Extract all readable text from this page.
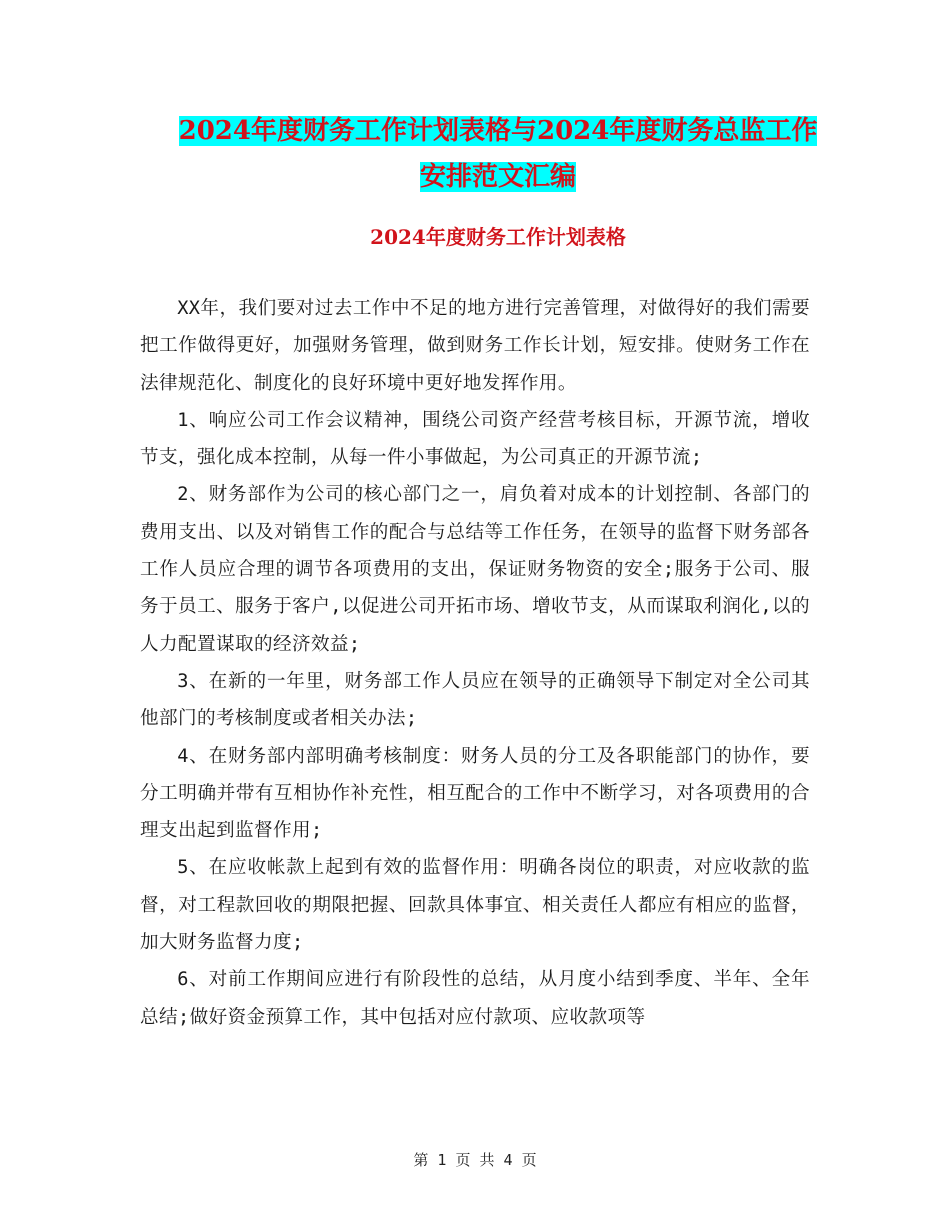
2024年度财务工作计划表格与2024年度财务总监工作
安排范文汇编
2024年度财务工作计划表格

XX年，我们要对过去工作中不足的地方进行完善管理，对做得好的我们需要把工作做得更好，加强财务管理，做到财务工作长计划，短安排。使财务工作在法律规范化、制度化的良好环境中更好地发挥作用。

1、响应公司工作会议精神，围绕公司资产经营考核目标，开源节流，增收节支，强化成本控制，从每一件小事做起，为公司真正的开源节流;

2、财务部作为公司的核心部门之一，肩负着对成本的计划控制、各部门的费用支出、以及对销售工作的配合与总结等工作任务，在领导的监督下财务部各工作人员应合理的调节各项费用的支出，保证财务物资的安全;服务于公司、服务于员工、服务于客户,以促进公司开拓市场、增收节支，从而谋取利润化,以的人力配置谋取的经济效益;

3、在新的一年里，财务部工作人员应在领导的正确领导下制定对全公司其他部门的考核制度或者相关办法;

4、在财务部内部明确考核制度：财务人员的分工及各职能部门的协作，要分工明确并带有互相协作补充性，相互配合的工作中不断学习，对各项费用的合理支出起到监督作用;

5、在应收帐款上起到有效的监督作用：明确各岗位的职责，对应收款的监督，对工程款回收的期限把握、回款具体事宜、相关责任人都应有相应的监督，加大财务监督力度;

6、对前工作期间应进行有阶段性的总结，从月度小结到季度、半年、全年总结;做好资金预算工作，其中包括对应付款项、应收款项等

第 1 页 共 4 页
